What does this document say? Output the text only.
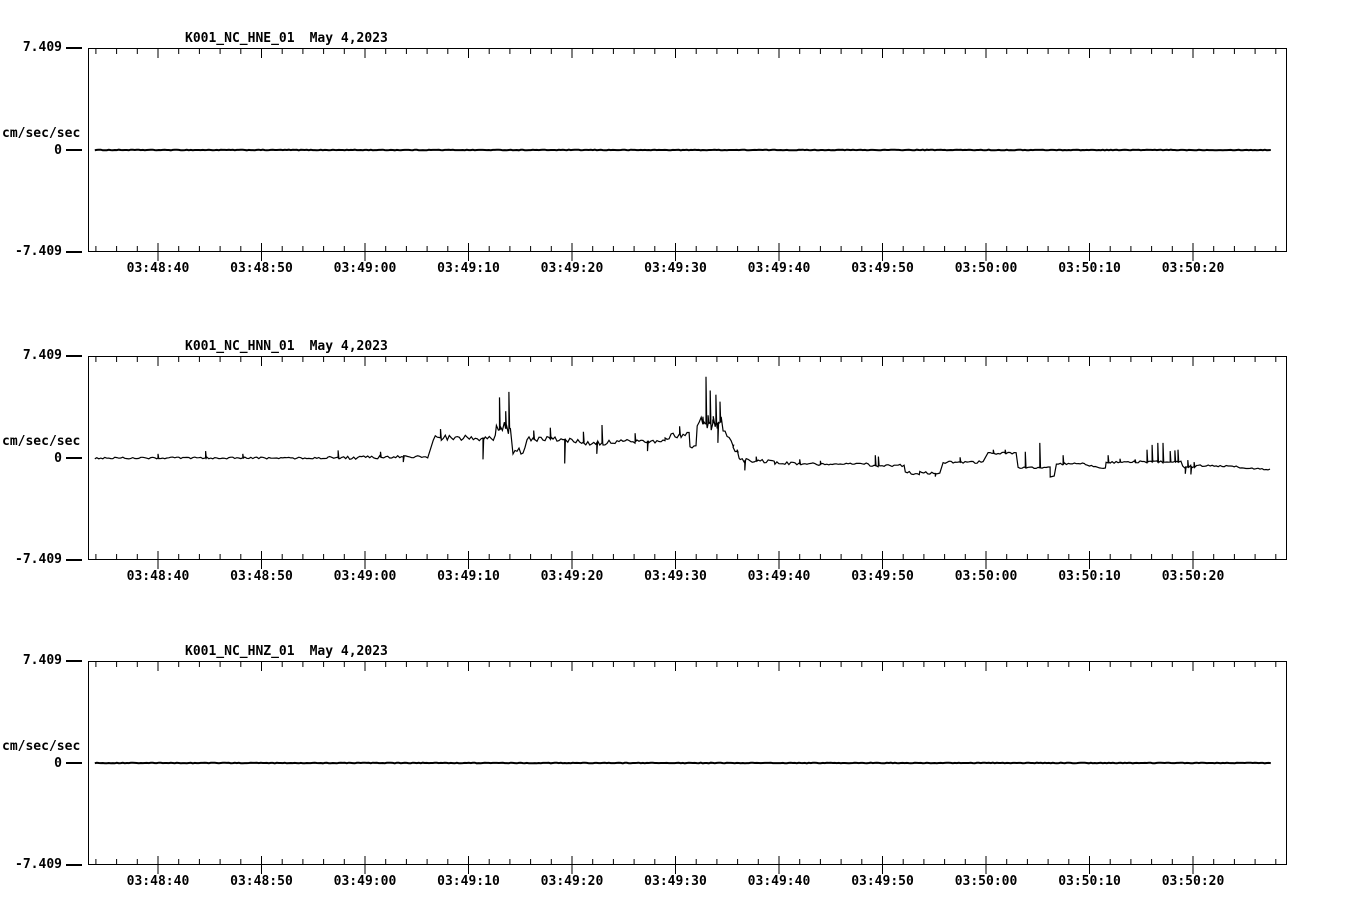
K001_NC_HNE_01 May 4,2023
7.409
cm/sec/sec
0
-7.409
03:48:40	03:48:50	03:49:00	03:49:10	03:49:20	03:49:30	03:49:40	03:49:50	03:50:00	03:50:10	03:50:20
K001_NC_HNN_01 May 4,2023
7.409
cm/sec/sec
0
-7.409
03:48:40	03:48:50	03:49:00	03:49:10	03:49:20	03:49:30	03:49:40	03:49:50	03:50:00	03:50:10	03:50:20
K001_NC_HNZ_01 May 4,2023
7.409
cm/sec/sec
0
-7.409
03:48:40	03:48:50	03:49:00	03:49:10	03:49:20	03:49:30	03:49:40	03:49:50	03:50:00	03:50:10	03:50:20
